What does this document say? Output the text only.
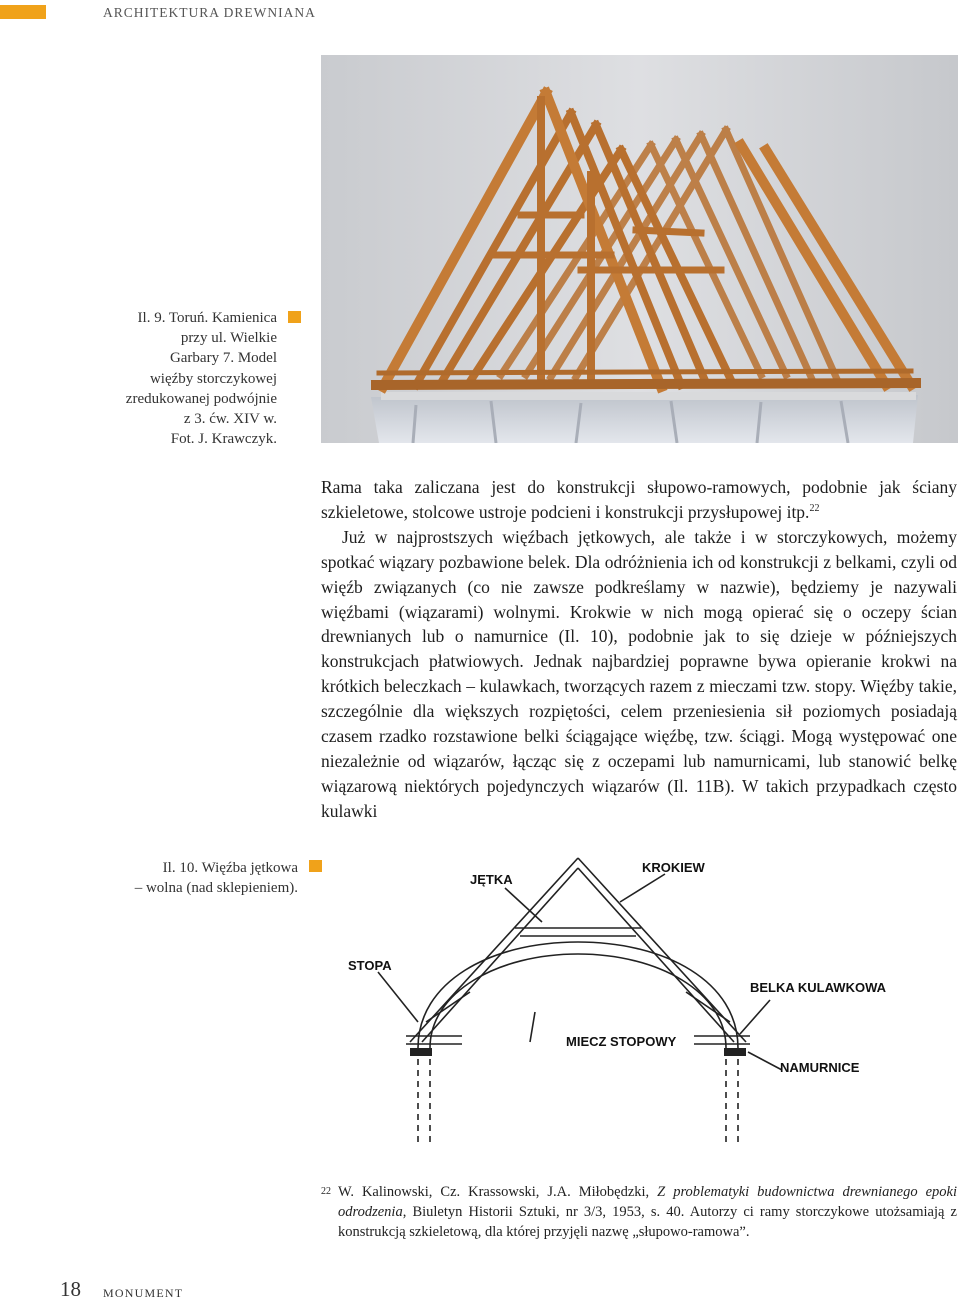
ARCHITEKTURA DREWNIANA
Il. 9. Toruń. Kamienica
przy ul. Wielkie
Garbary 7. Model
więźby storczykowej
zredukowanej podwójnie
z 3. ćw. XIV w.
Fot. J. Krawczyk.

Rama taka zaliczana jest do konstrukcji słupowo-ramowych, podobnie jak ściany szkieletowe, stolcowe ustroje podcieni i konstrukcji przysłupowej itp.$^{22}$

Już w najprostszych więźbach jętkowych, ale także i w storczykowych, możemy spotkać wiązary pozbawione belek. Dla odróżnienia ich od konstrukcji z belkami, czyli od więźb związanych (co nie zawsze podkreślamy w nazwie), będziemy je nazywali więźbami (wiązarami) wolnymi. Krokwie w nich mogą opierać się o oczepy ścian drewnianych lub o namurnice (Il. 10), podobnie jak to się dzieje w późniejszych konstrukcjach płatwiowych. Jednak najbardziej poprawne bywa opieranie krokwi na krótkich beleczkach – kulawkach, tworzących razem z mieczami tzw. stopy. Więźby takie, szczególnie dla większych rozpiętości, celem przeniesienia sił poziomych posiadają czasem rzadko rozstawione belki ściągające więźbę, tzw. ściągi. Mogą występować one niezależnie od wiązarów, łącząc się z oczepami lub namurnicami, lub stanowić belkę wiązarową niektórych pojedynczych wiązarów (Il. 11B). W takich przypadkach często kulawki

Il. 10. Więźba jętkowa
– wolna (nad sklepieniem).
JĘTKA
KROKIEW
STOPA
BELKA KULAWKOWA
MIECZ STOPOWY
NAMURNICE
22 W. Kalinowski, Cz. Krassowski, J.A. Miłobędzki, Z problematyki budownictwa drewnianego epoki odrodzenia, Biuletyn Historii Sztuki, nr 3/3, 1953, s. 40. Autorzy ci ramy storczykowe utożsamiają z konstrukcją szkieletową, dla której przyjęli nazwę „słupowo-ramowa”.
18 MONUMENT
